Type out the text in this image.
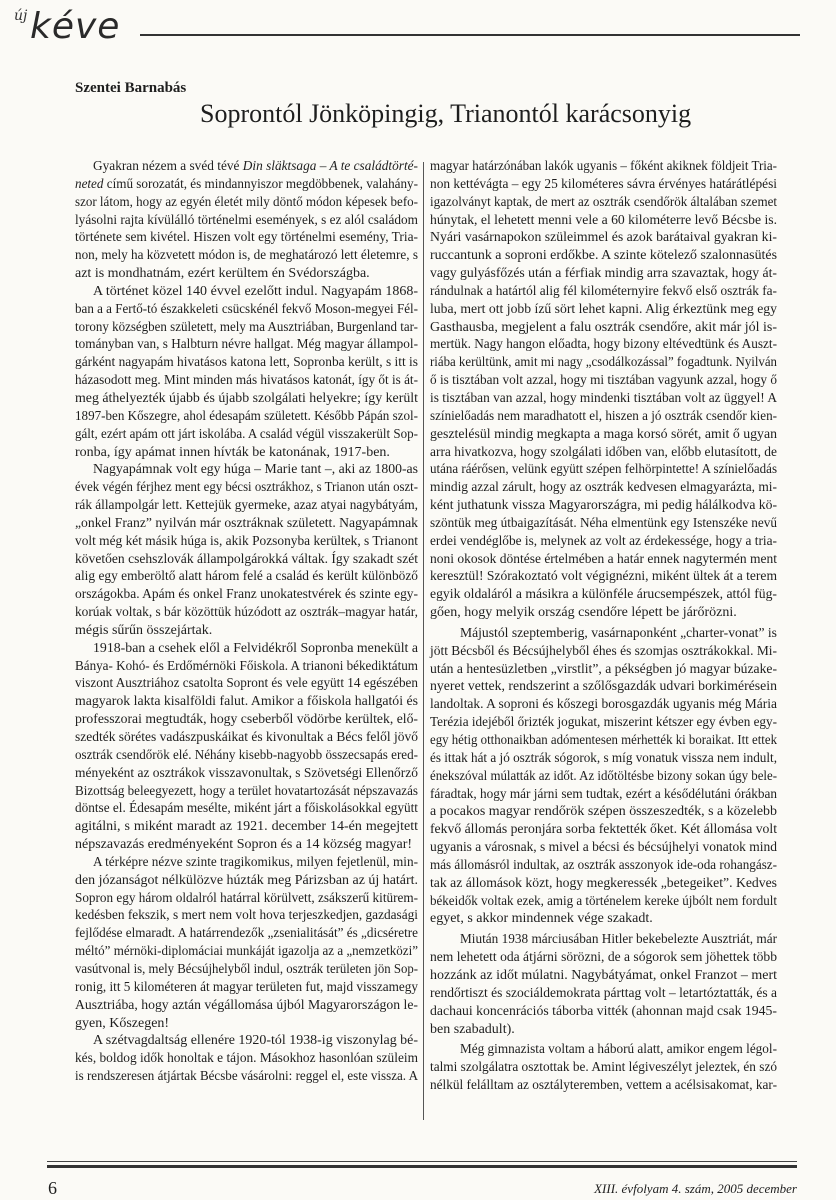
új kéve
Szentei Barnabás
Soprontól Jönköpingig, Trianontól karácsonyig
Gyakran nézem a svéd tévé Din släktsaga – A te családtörté-
neted című sorozatát, és mindannyiszor megdöbbenek, valahány-
szor látom, hogy az egyén életét mily döntő módon képesek befo-
lyásolni rajta kívülálló történelmi események, s ez alól családom
története sem kivétel. Hiszen volt egy történelmi esemény, Tria-
non, mely ha közvetett módon is, de meghatározó lett életemre, s
azt is mondhatnám, ezért kerültem én Svédországba.
A történet közel 140 évvel ezelőtt indul. Nagyapám 1868-
ban a a Fertő-tó északkeleti csücskénél fekvő Moson-megyei Fél-
torony községben született, mely ma Ausztriában, Burgenland tar-
tományban van, s Halbturn névre hallgat. Még magyar állampol-
gárként nagyapám hivatásos katona lett, Sopronba került, s itt is
házasodott meg. Mint minden más hivatásos katonát, így őt is át-
meg áthelyezték újabb és újabb szolgálati helyekre; így került
1897-ben Kőszegre, ahol édesapám született. Később Pápán szol-
gált, ezért apám ott járt iskolába. A család végül visszakerült Sop-
ronba, így apámat innen hívták be katonának, 1917-ben.
Nagyapámnak volt egy húga – Marie tant –, aki az 1800-as
évek végén férjhez ment egy bécsi osztrákhoz, s Trianon után oszt-
rák állampolgár lett. Kettejük gyermeke, azaz atyai nagybátyám,
„onkel Franz” nyilván már osztráknak született. Nagyapámnak
volt még két másik húga is, akik Pozsonyba kerültek, s Trianont
követően csehszlovák állampolgárokká váltak. Így szakadt szét
alig egy emberöltő alatt három felé a család és került különböző
országokba. Apám és onkel Franz unokatestvérek és szinte egy-
korúak voltak, s bár közöttük húzódott az osztrák–magyar határ,
mégis sűrűn összejártak.
1918-ban a csehek elől a Felvidékről Sopronba menekült a
Bánya- Kohó- és Erdőmérnöki Főiskola. A trianoni békediktátum
viszont Ausztriához csatolta Sopront és vele együtt 14 egészében
magyarok lakta kisalföldi falut. Amikor a főiskola hallgatói és
professzorai megtudták, hogy cseberből vödörbe kerültek, elő-
szedték sörétes vadászpuskáikat és kivonultak a Bécs felől jövő
osztrák csendőrök elé. Néhány kisebb-nagyobb összecsapás ered-
ményeként az osztrákok visszavonultak, s Szövetségi Ellenőrző
Bizottság beleegyezett, hogy a terület hovatartozását népszavazás
döntse el. Édesapám mesélte, miként járt a főiskolásokkal együtt
agitálni, s miként maradt az 1921. december 14-én megejtett
népszavazás eredményeként Sopron és a 14 község magyar!
A térképre nézve szinte tragikomikus, milyen fejetlenül, min-
den józanságot nélkülözve húzták meg Párizsban az új határt.
Sopron egy három oldalról határral körülvett, zsákszerű kitürem-
kedésben fekszik, s mert nem volt hova terjeszkedjen, gazdasági
fejlődése elmaradt. A határrendezők „zsenialitását” és „dicséretre
méltó” mérnöki-diplomáciai munkáját igazolja az a „nemzetközi”
vasútvonal is, mely Bécsújhelyből indul, osztrák területen jön Sop-
ronig, itt 5 kilométeren át magyar területen fut, majd visszamegy
Ausztriába, hogy aztán végállomása újból Magyarországon le-
gyen, Kőszegen!
A szétvagdaltság ellenére 1920-tól 1938-ig viszonylag bé-
kés, boldog idők honoltak e tájon. Másokhoz hasonlóan szüleim
is rendszeresen átjártak Bécsbe vásárolni: reggel el, este vissza. A
magyar határzónában lakók ugyanis – főként akiknek földjeit Tria-
non kettévágta – egy 25 kilométeres sávra érvényes határátlépési
igazolványt kaptak, de mert az osztrák csendőrök általában szemet
húnytak, el lehetett menni vele a 60 kilométerre levő Bécsbe is.
Nyári vasárnapokon szüleimmel és azok barátaival gyakran ki-
ruccantunk a soproni erdőkbe. A szinte kötelező szalonnasütés
vagy gulyásfőzés után a férfiak mindig arra szavaztak, hogy át-
rándulnak a határtól alig fél kilométernyire fekvő első osztrák fa-
luba, mert ott jobb ízű sört lehet kapni. Alig érkeztünk meg egy
Gasthausba, megjelent a falu osztrák csendőre, akit már jól is-
mertük. Nagy hangon előadta, hogy bizony eltévedtünk és Auszt-
riába kerültünk, amit mi nagy „csodálkozással” fogadtunk. Nyilván
ő is tisztában volt azzal, hogy mi tisztában vagyunk azzal, hogy ő
is tisztában van azzal, hogy mindenki tisztában volt az üggyel! A
színielőadás nem maradhatott el, hiszen a jó osztrák csendőr kien-
gesztelésül mindig megkapta a maga korsó sörét, amit ő ugyan
arra hivatkozva, hogy szolgálati időben van, előbb elutasított, de
utána ráérősen, velünk együtt szépen felhörpintette! A színielőadás
mindig azzal zárult, hogy az osztrák kedvesen elmagyarázta, mi-
ként juthatunk vissza Magyarországra, mi pedig hálálkodva kö-
szöntük meg útbaigazítását. Néha elmentünk egy Istenszéke nevű
erdei vendéglőbe is, melynek az volt az érdekessége, hogy a tria-
noni okosok döntése értelmében a határ ennek nagytermén ment
keresztül! Szórakoztató volt végignézni, miként ültek át a terem
egyik oldaláról a másikra a különféle árucsempészek, attól füg-
gően, hogy melyik ország csendőre lépett be járőrözni.
Májustól szeptemberig, vasárnaponként „charter-vonat” is
jött Bécsből és Bécsújhelyből éhes és szomjas osztrákokkal. Mi-
után a hentesüzletben „virstlit”, a pékségben jó magyar búzake-
nyeret vettek, rendszerint a szőlősgazdák udvari borkimérésein
landoltak. A soproni és kőszegi borosgazdák ugyanis még Mária
Terézia idejéből őrizték jogukat, miszerint kétszer egy évben egy-
egy hétig otthonaikban adómentesen mérhették ki boraikat. Itt ettek
és ittak hát a jó osztrák sógorok, s míg vonatuk vissza nem indult,
énekszóval múlatták az időt. Az időtöltésbe bizony sokan úgy bele-
fáradtak, hogy már járni sem tudtak, ezért a késődélutáni órákban
a pocakos magyar rendőrök szépen összeszedték, s a közelebb
fekvő állomás peronjára sorba fektették őket. Két állomása volt
ugyanis a városnak, s mivel a bécsi és bécsújhelyi vonatok mind
más állomásról indultak, az osztrák asszonyok ide-oda rohangász-
tak az állomások közt, hogy megkeressék „betegeiket”. Kedves
békeidők voltak ezek, amig a történelem kereke újbólt nem fordult
egyet, s akkor mindennek vége szakadt.
Miután 1938 márciusában Hitler bekebelezte Ausztriát, már
nem lehetett oda átjárni sörözni, de a sógorok sem jöhettek több
hozzánk az időt múlatni. Nagybátyámat, onkel Franzot – mert
rendőrtiszt és szociáldemokrata párttag volt – letartóztatták, és a
dachaui koncenrációs táborba vitték (ahonnan majd csak 1945-
ben szabadult).
Még gimnazista voltam a háború alatt, amikor engem légol-
talmi szolgálatra osztottak be. Amint légiveszélyt jeleztek, én szó
nélkül felálltam az osztályteremben, vettem a acélsisakomat, kar-
6	XIII. évfolyam 4. szám, 2005 december
